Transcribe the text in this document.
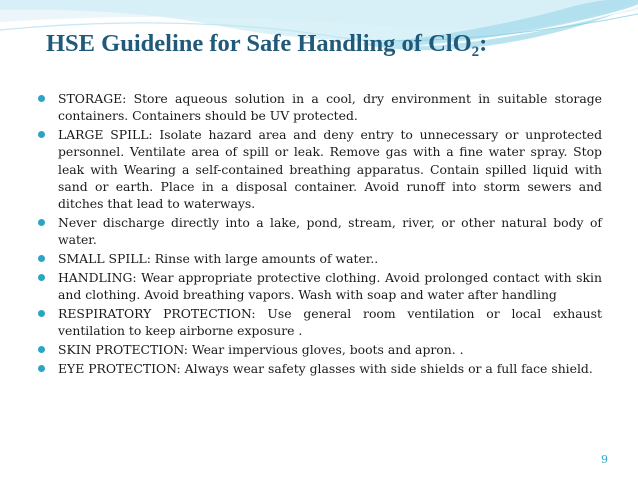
HSE Guideline for Safe Handling of ClO$_2$:
STORAGE: Store aqueous solution in a cool, dry environment in suitable storage containers. Containers should be UV protected.
LARGE SPILL: Isolate hazard area and deny entry to unnecessary or unprotected personnel. Ventilate area of spill or leak. Remove gas with a fine water spray. Stop leak with Wearing a self-contained breathing apparatus. Contain spilled liquid with sand or earth. Place in a disposal container. Avoid runoff into storm sewers and ditches that lead to waterways.
Never discharge directly into a lake, pond, stream, river, or other natural body of water.
SMALL SPILL: Rinse with large amounts of water..
HANDLING: Wear appropriate protective clothing. Avoid prolonged contact with skin and clothing. Avoid breathing vapors. Wash with soap and water after handling
RESPIRATORY PROTECTION: Use general room ventilation or local exhaust ventilation to keep airborne exposure .
SKIN PROTECTION: Wear impervious gloves, boots and apron. .
EYE PROTECTION: Always wear safety glasses with side shields or a full face shield.
9
